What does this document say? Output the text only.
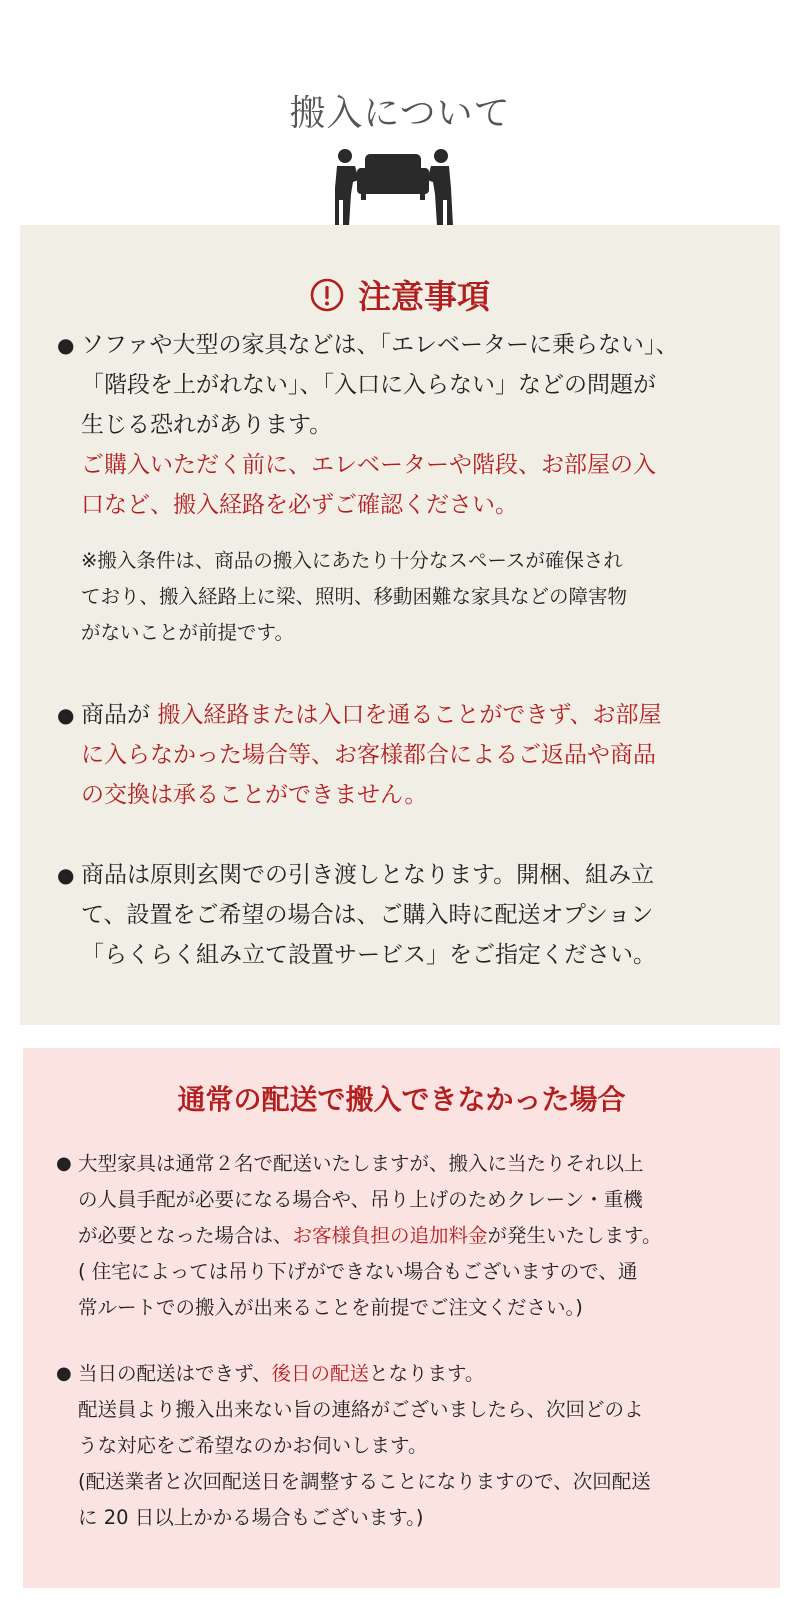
搬入について
注意事項
● ソファや大型の家具などは、「エレベーターに乗らない」、
「階段を上がれない」、「入口に入らない」などの問題が
生じる恐れがあります。
ご購入いただく前に、エレベーターや階段、お部屋の入
口など、搬入経路を必ずご確認ください。
※搬入条件は、商品の搬入にあたり十分なスペースが確保され
ており、搬入経路上に梁、照明、移動困難な家具などの障害物
がないことが前提です。
● 商品が 搬入経路または入口を通ることができず、お部屋
に入らなかった場合等、お客様都合によるご返品や商品
の交換は承ることができません。
● 商品は原則玄関での引き渡しとなります。開梱、組み立
て、設置をご希望の場合は、ご購入時に配送オプション
「らくらく組み立て設置サービス」をご指定ください。
通常の配送で搬入できなかった場合
● 大型家具は通常２名で配送いたしますが、搬入に当たりそれ以上
の人員手配が必要になる場合や、吊り上げのためクレーン・重機
が必要となった場合は、お客様負担の追加料金が発生いたします。
( 住宅によっては吊り下げができない場合もございますので、通
常ルートでの搬入が出来ることを前提でご注文ください。)
● 当日の配送はできず、後日の配送となります。
配送員より搬入出来ない旨の連絡がございましたら、次回どのよ
うな対応をご希望なのかお伺いします。
(配送業者と次回配送日を調整することになりますので、次回配送
に 20 日以上かかる場合もございます。)
